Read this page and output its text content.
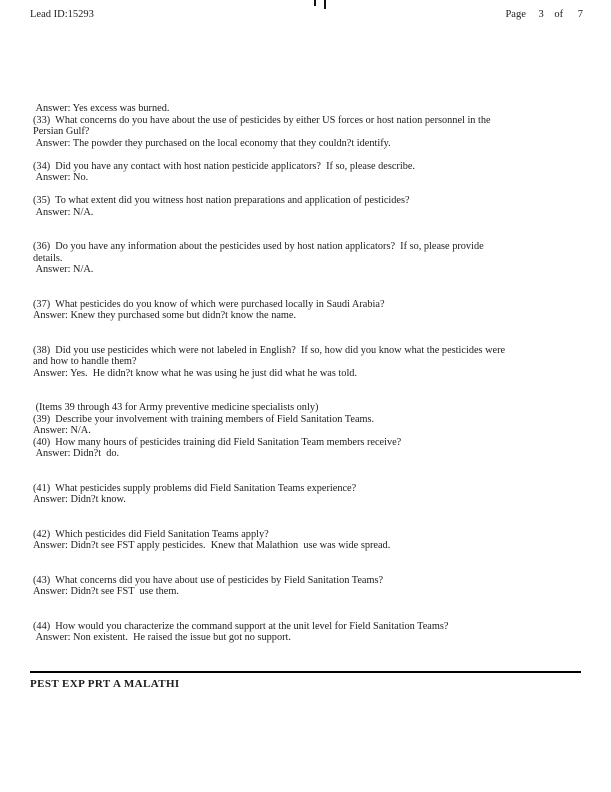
Lead ID:15293	Page 3 of 7
Answer: Yes excess was burned.
(33)  What concerns do you have about the use of pesticides by either US forces or host nation personnel in the
Persian Gulf?
Answer: The powder they purchased on the local economy that they couldn?t identify.
(34)  Did you have any contact with host nation pesticide applicators?  If so, please describe.
Answer: No.
(35)  To what extent did you witness host nation preparations and application of pesticides?
Answer: N/A.
(36)  Do you have any information about the pesticides used by host nation applicators?  If so, please provide
details.
Answer: N/A.
(37)  What pesticides do you know of which were purchased locally in Saudi Arabia?
Answer: Knew they purchased some but didn?t know the name.
(38)  Did you use pesticides which were not labeled in English?  If so, how did you know what the pesticides were
and how to handle them?
Answer: Yes.  He didn?t know what he was using he just did what he was told.
(Items 39 through 43 for Army preventive medicine specialists only)
(39)  Describe your involvement with training members of Field Sanitation Teams.
Answer: N/A.
(40)  How many hours of pesticides training did Field Sanitation Team members receive?
Answer: Didn?t  do.
(41)  What pesticides supply problems did Field Sanitation Teams experience?
Answer: Didn?t know.
(42)  Which pesticides did Field Sanitation Teams apply?
Answer: Didn?t see FST apply pesticides.  Knew that Malathion  use was wide spread.
(43)  What concerns did you have about use of pesticides by Field Sanitation Teams?
Answer: Didn?t see FST  use them.
(44)  How would you characterize the command support at the unit level for Field Sanitation Teams?
Answer: Non existent.  He raised the issue but got no support.
PEST EXP PRT A MALATHI
